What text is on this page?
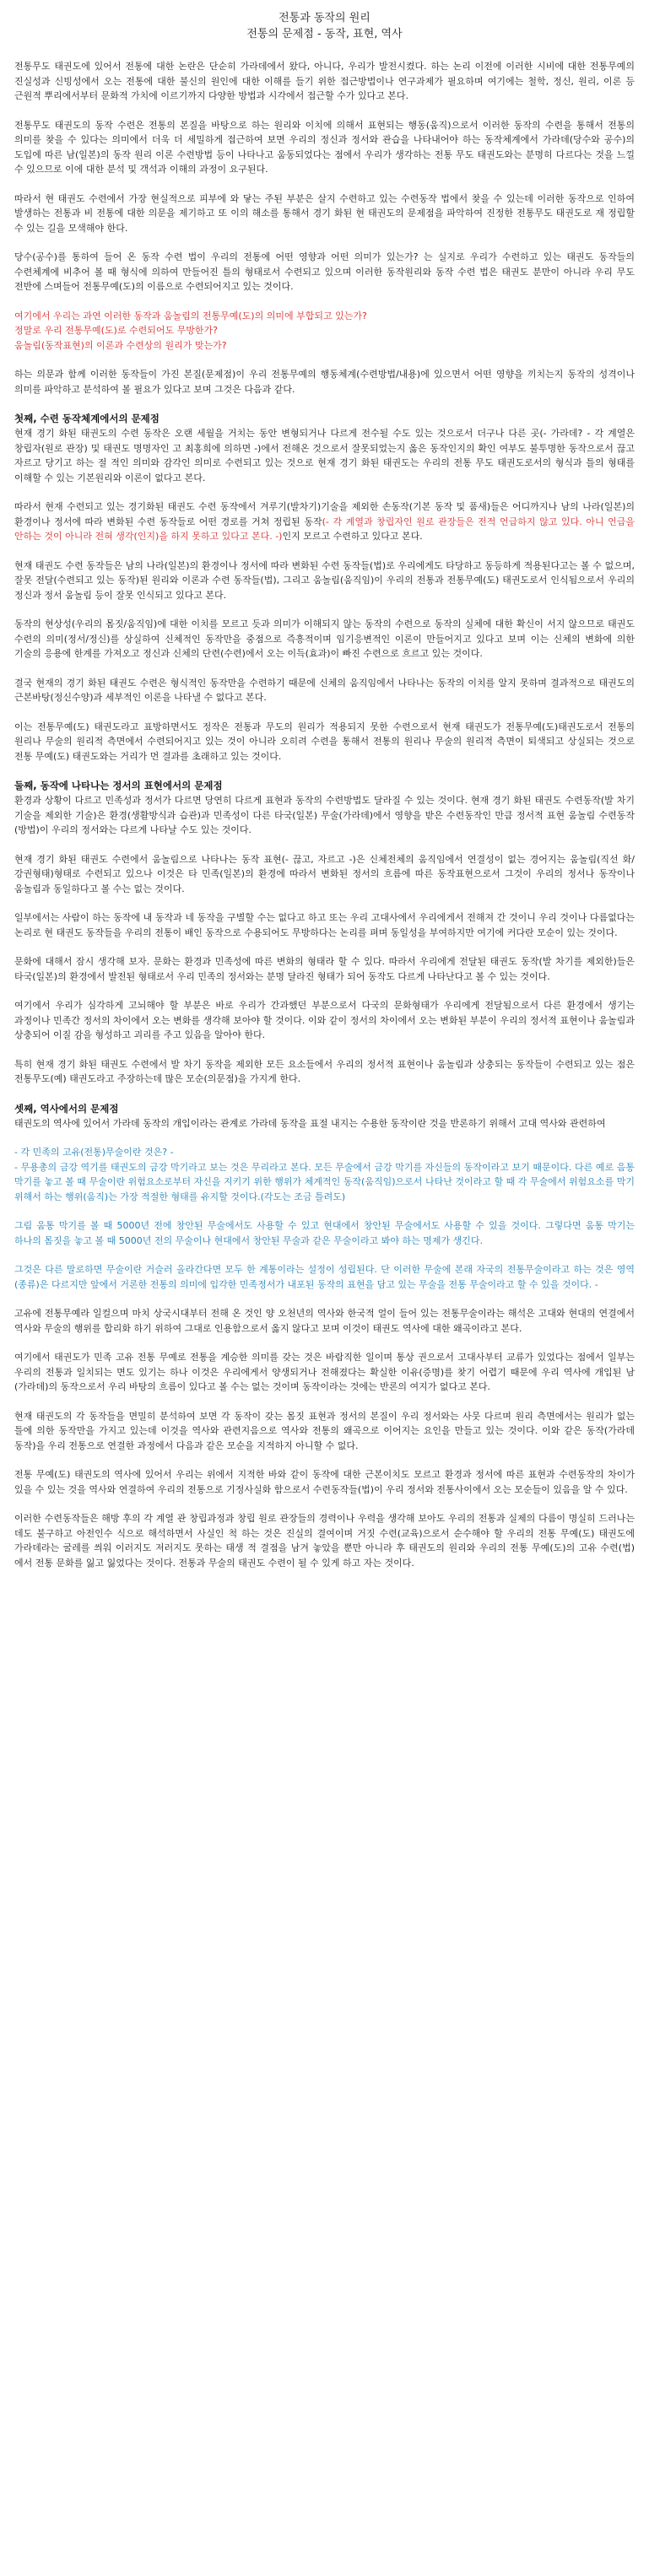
전통과 동작의 원리
전통의 문제점 - 동작, 표현, 역사

전통무도 태권도에 있어서 전통에 대한 논란은 단순히 가라데에서 왔다, 아니다, 우리가 발전시켰다. 하는 논리 이전에 이러한 시비에 대한 전통무예의 진실성과 신빙성에서 오는 전통에 대한 불신의 원인에 대한 이해를 들기 위한 접근방법이나 연구과제가 필요하며 여기에는 철학, 정신, 원리, 이론 등 근원적 뿌리에서부터 문화적 가치에 이르기까지 다양한 방법과 시각에서 접근할 수가 있다고 본다.

전통무도 태권도의 동작 수련은 전통의 본질을 바탕으로 하는 원리와 이치에 의해서 표현되는 행동(움직)으로서 이러한 동작의 수련을 통해서 전통의 의미를 찾을 수 있다는 의미에서 더욱 더 세밀하게 접근하여 보면 우리의 정신과 정서와 관습을 나타내어야 하는 동작체계에서 가라데(당수와 공수)의 도입에 따른 남(일본)의 동작 원리 이론 수련방법 등이 나타나고 움동되었다는 점에서 우리가 생각하는 전통 무도 태권도와는 분명히 다르다는 것을 느낄 수 있으므로 이에 대한 분석 및 객석과 이해의 과정이 요구된다.

따라서 현 태권도 수련에서 가장 현실적으로 피부에 와 닿는 주된 부분은 살지 수련하고 있는 수련동작 법에서 찾을 수 있는데 이러한 동작으로 인하여 발생하는 전통과 비 전통에 대한 의문을 제기하고 또 이의 해소를 통해서 경기 화된 현 태권도의 문제점을 파악하여 진정한 전통무도 태권도로 재 정립할 수 있는 길을 모색해야 한다.

당수(공수)를 통하여 들어 온 동작 수련 법이 우리의 전통에 어떤 영향과 어떤 의미가 있는가? 는 실지로 우리가 수련하고 있는 태권도 동작들의 수련체계에 비추어 볼 때 형식에 의하여 만들어진 틀의 형태로서 수련되고 있으며 이러한 동작원리와 동작 수련 법은 태권도 분만이 아니라 우리 무도 전반에 스며들어 전통무예(도)의 이름으로 수련되어지고 있는 것이다.

여기에서 우리는 과연 이러한 동작과 움놀림의 전통무예(도)의 의미에 부합되고 있는가?

정말로 우리 전통무예(도)로 수련되어도 무방한가?

움놀림(동작표현)의 이론과 수련상의 원리가 맞는가?

하는 의문과 함께 이러한 동작들이 가진 본질(문제점)이 우리 전통무예의 행동체계(수련방법/내용)에 있으면서 어떤 영향을 끼치는지 동작의 성격이나 의미를 파악하고 분석하여 볼 필요가 있다고 보며 그것은 다음과 같다.

첫째, 수련 동작체계에서의 문제점

현재 경기 화된 태권도의 수련 동작은 오랜 세월을 거치는 동안 변형되거나 다르게 전수될 수도 있는 것으로서 더구나 다른 곳(- 가라데? - 각 계열은 창립자(원로 관장) 및 태권도 명명자인 고 최홍희에 의하면 -)에서 전해온 것으로서 잘못되었는지 옳은 동작인지의 확인 여부도 불투명한 동작으로서 끊고 자르고 당기고 하는 절 적인 의미와 감각인 의미로 수련되고 있는 것으로 현재 경기 화된 태권도는 우리의 전통 무도 태권도로서의 형식과 틀의 형태를 이해할 수 있는 기본원리와 이론이 없다고 본다.

따라서 현재 수련되고 있는 경기화된 태권도 수련 동작에서 겨루기(발차기)기술을 제외한 손동작(기본 동작 및 품새)들은 어디까지나 남의 나라(일본)의 환경이나 정서에 따라 변화된 수련 동작들로 어떤 경로를 거쳐 정립된 동작(- 각 계열과 창립자인 원로 관장들은 전적 언급하지 않고 있다. 아니 언급을 안하는 것이 아니라 전혀 생각(인지)을 하지 못하고 있다고 본다. -)인지 모르고 수련하고 있다고 본다.

현재 태권도 수련 동작들은 남의 나라(일본)의 환경이나 정서에 따라 변화된 수련 동작들(법)로 우리에게도 타당하고 동등하게 적용된다고는 볼 수 없으며, 잘못 전달(수련되고 있는 동작)된 원리와 이론과 수련 동작들(법), 그리고 움놀림(움직임)이 우리의 전통과 전통무예(도) 태권도로서 인식됨으로서 우리의 정신과 정서 움놀림 등이 잘못 인식되고 있다고 본다.

동작의 현상성(우리의 몸짓/움직임)에 대한 이치를 모르고 듯과 의미가 이해되지 않는 동작의 수련으로 동작의 실체에 대한 확신이 서지 않으므로 태권도 수련의 의미(정서/정신)를 상실하여 신체적인 동작만을 중점으로 즉흥적이며 임기응변적인 이론이 만들어지고 있다고 보며 이는 신체의 변화에 의한 기술의 응용에 한계를 가져오고 정신과 신체의 단련(수련)에서 오는 이득(효과)이 빠진 수련으로 흐르고 있는 것이다.

결국 현재의 경기 화된 태권도 수련은 형식적인 동작만을 수련하기 때문에 신체의 움직임에서 나타나는 동작의 이치를 알지 못하며 결과적으로 태권도의 근본바탕(정신수양)과 세부적인 이론을 나타낼 수 없다고 본다.

이는 전통무예(도) 태권도라고 표방하면서도 정작은 전통과 무도의 원리가 적용되지 못한 수련으로서 현재 태권도가 전통무예(도)태권도로서 전통의 원리나 무술의 원리적 측면에서 수련되어지고 있는 것이 아니라 오히려 수련을 통해서 전통의 원리나 무술의 원리적 측면이 퇴색되고 상실되는 것으로 전통 무예(도) 태권도와는 거리가 먼 결과를 초래하고 있는 것이다.

둘째, 동작에 나타나는 정서의 표현에서의 문제점

환경과 상황이 다르고 민족성과 정서가 다르면 당연히 다르게 표현과 동작의 수련방법도 달라질 수 있는 것이다. 현재 경기 화된 태권도 수련동작(발 차기 기술을 제외한 기술)은 환경(생활방식과 습관)과 민족성이 다른 타국(일본) 무술(가라데)에서 영향을 받은 수련동작인 만큼 정서적 표현 움놀림 수련동작(방법)이 우리의 정서와는 다르게 나타날 수도 있는 것이다.

현재 경기 화된 태권도 수련에서 움놀림으로 나타나는 동작 표현(- 끊고, 자르고 -)은 신체전체의 움직임에서 연결성이 없는 경어지는 움놀림(직선 화/강권형태)형태로 수련되고 있으나 이것은 타 민족(일본)의 환경에 따라서 변화된 정서의 흐름에 따른 동작표현으로서 그것이 우리의 정서나 동작이나 움놀림과 동일하다고 볼 수는 없는 것이다.

일부에서는 사람이 하는 동작에 내 동작과 네 동작을 구별할 수는 없다고 하고 또는 우리 고대사에서 우리에게서 전해져 간 것이니 우리 것이나 다름없다는 논리로 현 태권도 동작들을 우리의 전통이 배인 동작으로 수용되어도 무방하다는 논리를 펴며 동일성을 부여하지만 여기에 커다란 모순이 있는 것이다.

문화에 대해서 잠시 생각해 보자. 문화는 환경과 민족성에 따른 변화의 형태라 할 수 있다. 따라서 우리에게 전달된 태권도 동작(발 차기를 제외한)들은 타국(일본)의 환경에서 발전된 형태로서 우리 민족의 정서와는 분명 달라진 형태가 되어 동작도 다르게 나타난다고 볼 수 있는 것이다.

여기에서 우리가 심각하게 고뇌해야 할 부분은 바로 우리가 간과했던 부분으로서 다국의 문화형태가 우리에게 전달됨으로서 다른 환경에서 생기는 과정이나 민족간 정서의 차이에서 오는 변화를 생각해 보아야 할 것이다. 이와 같이 정서의 차이에서 오는 변화된 부분이 우리의 정서적 표현이나 움놀림과 상충되어 이질 감을 형성하고 괴리를 주고 있음을 알아야 한다.

특히 현재 경기 화된 태권도 수련에서 발 차기 동작을 제외한 모든 요소들에서 우리의 정서적 표현이나 움놀림과 상충되는 동작들이 수련되고 있는 점은 전통무도(예) 태권도라고 주장하는데 많은 모순(의문점)을 가지게 한다.

셋째, 역사에서의 문제점

태권도의 역사에 있어서 가라데 동작의 개입이라는 관계로 가라데 동작을 표절 내지는 수용한 동작이란 것을 반론하기 위해서 고대 역사와 관련하여

- 각 민족의 고유(전통)무술이란 것은? -

- 무용총의 금강 역기를 태권도의 금강 막기라고 보는 것은 무리라고 본다. 모든 무술에서 금강 막기를 자신들의 동작이라고 보기 때문이다. 다른 예로 음통 막기를 놓고 볼 때 무술이란 위험요소로부터 자신을 지키기 위한 행위가 체계적인 동작(움직임)으로서 나타난 것이라고 할 때 각 무술에서 위험요소를 막기 위해서 하는 행위(움직)는 가장 적절한 형태를 유지할 것이다.(각도는 조금 틀려도)

그림 움통 막기를 볼 때 5000년 전에 창안된 무술에서도 사용할 수 있고 현대에서 창안된 무술에서도 사용할 수 있을 것이다. 그렇다면 움통 막기는 하나의 몸짓을 놓고 볼 때 5000년 전의 무술이나 현대에서 창안된 무술과 같은 무술이라고 봐야 하는 명제가 생긴다.

그것은 다른 말로하면 무술이란 거슬러 올라간다면 모두 한 계통이라는 설정이 성립된다. 단 이러한 무술에 본래 자국의 전통무술이라고 하는 것은 영역(종류)은 다르지만 앞에서 거론한 전통의 의미에 입각한 민족정서가 내포된 동작의 표현을 담고 있는 무술을 전통 무술이라고 할 수 있을 것이다. -

고유에 전통무예라 일컬으며 마치 상국시대부터 전해 온 것인 양 오천년의 역사와 한국적 얼이 들어 있는 전통무술이라는 해석은 고대와 현대의 연결에서 역사와 무술의 행위를 합리화 하기 위하여 그대로 인용함으로서 옳지 않다고 보며 이것이 태권도 역사에 대한 왜곡이라고 본다.

여기에서 태권도가 민족 고유 전통 무예로 전통을 계승한 의미를 갖는 것은 바람직한 일이며 통상 권으로서 고대사부터 교류가 있었다는 점에서 일부는 우리의 전통과 일치되는 면도 있기는 하나 이것은 우리에게서 양생되거나 전해졌다는 확실한 이유(증명)를 찾기 어렵기 때문에 우리 역사에 개입된 남(가라데)의 동작으로서 우리 바탕의 흐름이 있다고 볼 수는 없는 것이며 동작이라는 것에는 반론의 여지가 없다고 본다.

현재 태권도의 각 동작들을 면밀히 분석하여 보면 각 동작이 갖는 몸짓 표현과 정서의 본질이 우리 정서와는 사뭇 다르며 원리 측면에서는 원리가 없는 틀에 의한 동작만을 가지고 있는데 이것을 역사와 관련지음으로 역사와 전통의 왜곡으로 이어지는 요인을 만들고 있는 것이다. 이와 같은 동작(가라데 동작)을 우리 전통으로 연결한 과정에서 다음과 같은 모순을 지적하지 아니할 수 없다.

전통 무예(도) 태권도의 역사에 있어서 우리는 위에서 지적한 바와 같이 동작에 대한 근본이치도 모르고 환경과 정서에 따른 표현과 수련동작의 차이가 있을 수 있는 것을 역사와 연결하여 우리의 전통으로 기정사실화 함으로서 수련동작들(법)이 우리 정서와 전통사이에서 오는 모순들이 있음을 알 수 있다.

이러한 수련동작들은 해방 후의 각 계열 관 창립과정과 창립 원로 관장들의 경력이나 우력을 생각해 보아도 우리의 전통과 실제의 다름이 명실히 드러나는 데도 불구하고 아전인수 식으로 해석하면서 사실인 척 하는 것은 진실의 결여이며 거짓 수련(교육)으로서 순수해야 할 우리의 전통 무예(도) 태권도에 가라데라는 굴레를 씌워 이러지도 저러지도 못하는 태생 적 결점을 남겨 놓았을 뿐만 아니라 후 태권도의 원리와 우리의 전통 무예(도)의 고유 수련(법)에서 전통 문화를 잃고 잃었다는 것이다. 전통과 무술의 태권도 수련이 될 수 있게 하고 자는 것이다.
